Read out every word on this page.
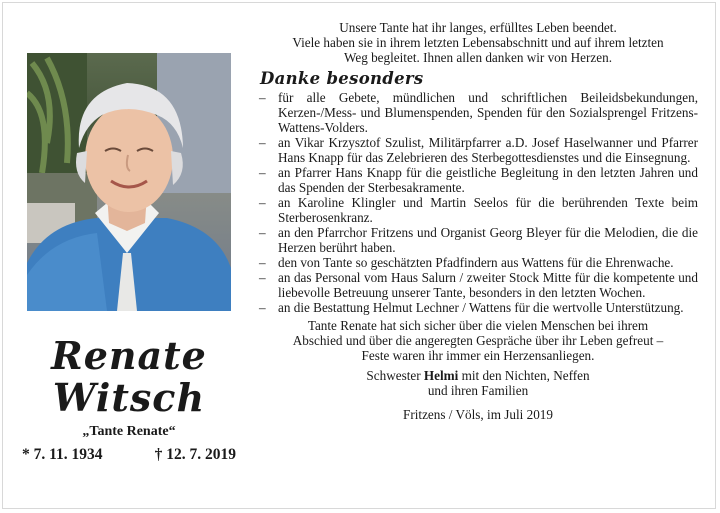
Renate
Witsch
„Tante Renate“
* 7. 11. 1934	† 12. 7. 2019
Unsere Tante hat ihr langes, erfülltes Leben beendet.
Viele haben sie in ihrem letzten Lebensabschnitt und auf ihrem letzten
Weg begleitet. Ihnen allen danken wir von Herzen.
Danke besonders
– für alle Gebete, mündlichen und schriftlichen Beileidsbekundungen, Kerzen-/Mess- und Blumenspenden, Spenden für den Sozialsprengel Fritzens-Wattens-Volders.
– an Vikar Krzysztof Szulist, Militärpfarrer a.D. Josef Haselwanner und Pfarrer Hans Knapp für das Zelebrieren des Sterbegottesdienstes und die Einsegnung.
– an Pfarrer Hans Knapp für die geistliche Begleitung in den letzten Jahren und das Spenden der Sterbesakramente.
– an Karoline Klingler und Martin Seelos für die berührenden Texte beim Sterberosenkranz.
– an den Pfarrchor Fritzens und Organist Georg Bleyer für die Melodien, die die Herzen berührt haben.
– den von Tante so geschätzten Pfadfindern aus Wattens für die Ehrenwache.
– an das Personal vom Haus Salurn / zweiter Stock Mitte für die kompetente und liebevolle Betreuung unserer Tante, besonders in den letzten Wochen.
– an die Bestattung Helmut Lechner / Wattens für die wertvolle Unterstützung.
Tante Renate hat sich sicher über die vielen Menschen bei ihrem
Abschied und über die angeregten Gespräche über ihr Leben gefreut –
Feste waren ihr immer ein Herzensanliegen.
Schwester Helmi mit den Nichten, Neffen
und ihren Familien
Fritzens / Völs, im Juli 2019
